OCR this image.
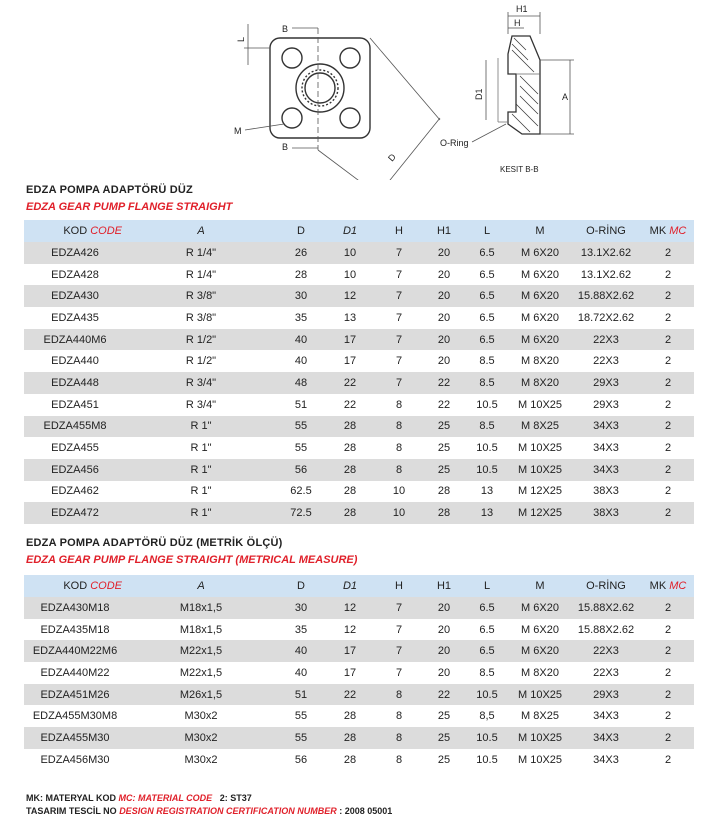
B
B
M
D
H1
H
A
O-Ring
KESIT B-B
L
D1
EDZA POMPA ADAPTÖRÜ DÜZ
EDZA GEAR PUMP FLANGE STRAIGHT
KOD CODE	A	D	D1	H	H1	L	M	O-RİNG	MK MC
EDZA426	R 1/4"	26	10	7	20	6.5	M 6X20	13.1X2.62	2
EDZA428	R 1/4"	28	10	7	20	6.5	M 6X20	13.1X2.62	2
EDZA430	R 3/8"	30	12	7	20	6.5	M 6X20	15.88X2.62	2
EDZA435	R 3/8"	35	13	7	20	6.5	M 6X20	18.72X2.62	2
EDZA440M6	R 1/2"	40	17	7	20	6.5	M 6X20	22X3	2
EDZA440	R 1/2"	40	17	7	20	8.5	M 8X20	22X3	2
EDZA448	R 3/4"	48	22	7	22	8.5	M 8X20	29X3	2
EDZA451	R 3/4"	51	22	8	22	10.5	M 10X25	29X3	2
EDZA455M8	R 1"	55	28	8	25	8.5	M 8X25	34X3	2
EDZA455	R 1"	55	28	8	25	10.5	M 10X25	34X3	2
EDZA456	R 1"	56	28	8	25	10.5	M 10X25	34X3	2
EDZA462	R 1"	62.5	28	10	28	13	M 12X25	38X3	2
EDZA472	R 1"	72.5	28	10	28	13	M 12X25	38X3	2
EDZA POMPA ADAPTÖRÜ DÜZ (METRİK ÖLÇÜ)
EDZA GEAR PUMP FLANGE STRAIGHT (METRICAL MEASURE)
KOD CODE	A	D	D1	H	H1	L	M	O-RİNG	MK MC
EDZA430M18	M18x1,5	30	12	7	20	6.5	M 6X20	15.88X2.62	2
EDZA435M18	M18x1,5	35	12	7	20	6.5	M 6X20	15.88X2.62	2
EDZA440M22M6	M22x1,5	40	17	7	20	6.5	M 6X20	22X3	2
EDZA440M22	M22x1,5	40	17	7	20	8.5	M 8X20	22X3	2
EDZA451M26	M26x1,5	51	22	8	22	10.5	M 10X25	29X3	2
EDZA455M30M8	M30x2	55	28	8	25	8,5	M 8X25	34X3	2
EDZA455M30	M30x2	55	28	8	25	10.5	M 10X25	34X3	2
EDZA456M30	M30x2	56	28	8	25	10.5	M 10X25	34X3	2
MK: MATERYAL KOD MC: MATERIAL CODE 2: ST37
TASARIM TESCİL NO DESIGN REGISTRATION CERTIFICATION NUMBER : 2008 05001
